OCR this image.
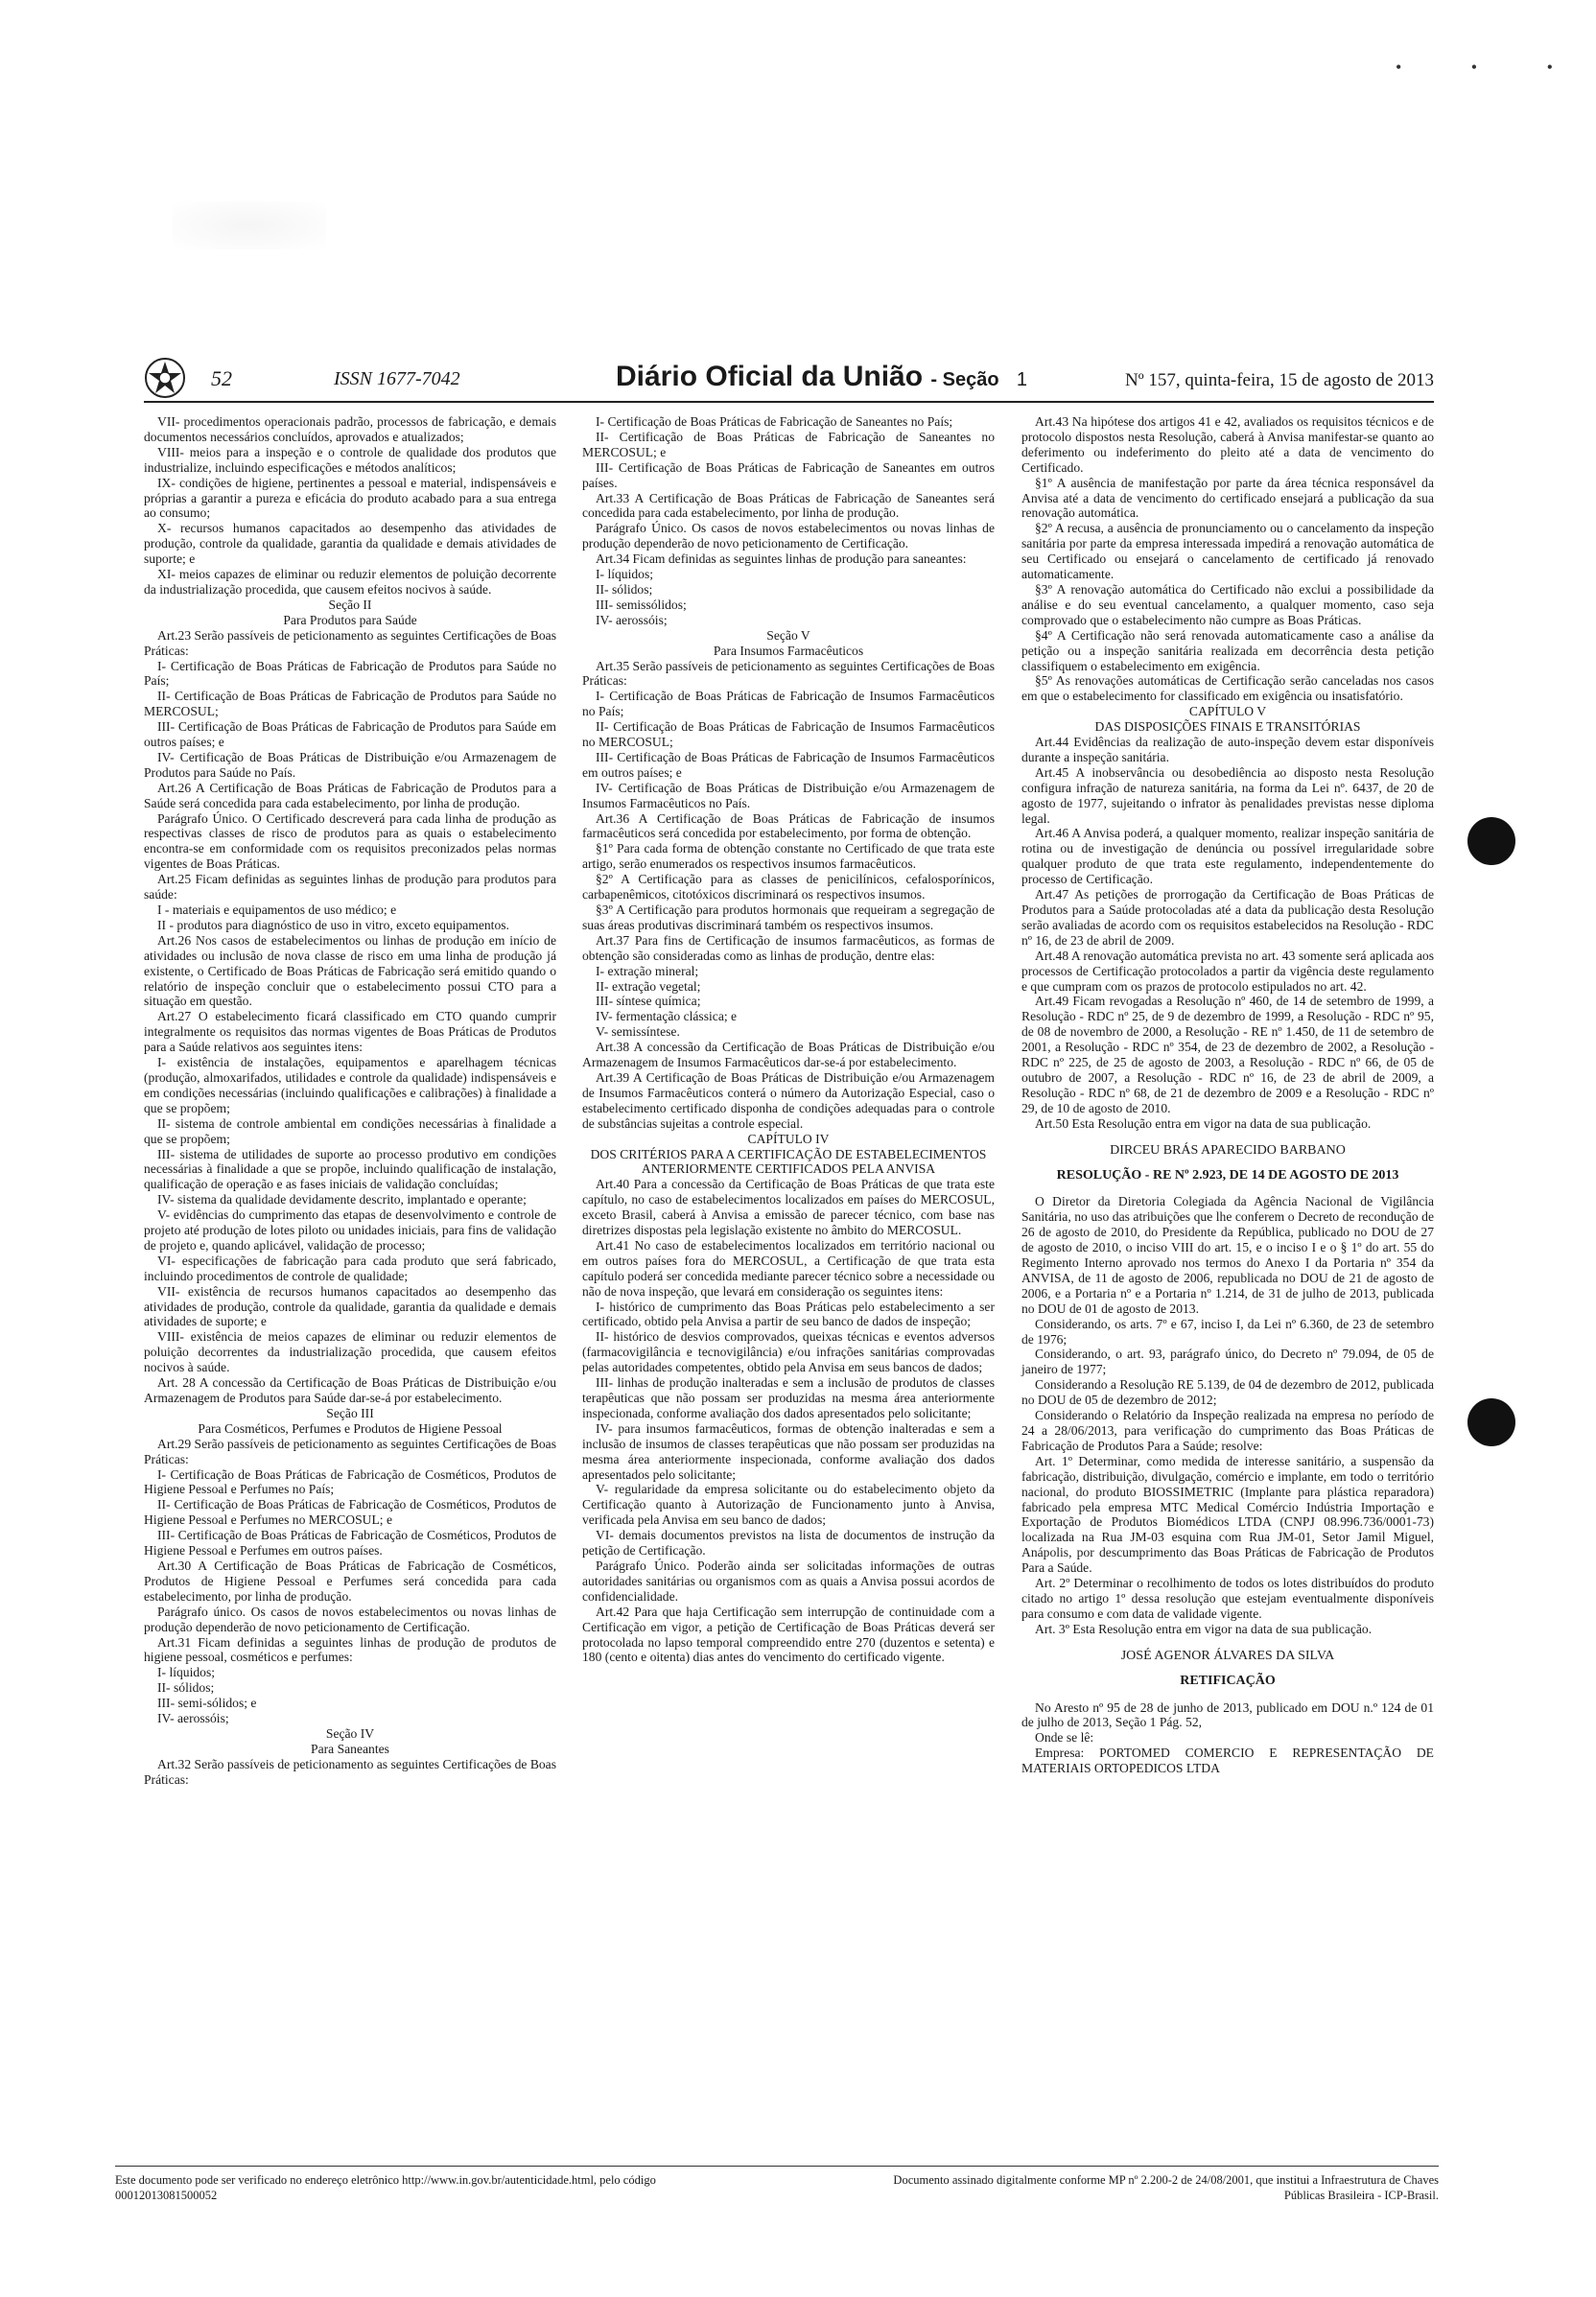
• • •
52	ISSN 1677-7042	Diário Oficial da União - Seção 1	Nº 157, quinta-feira, 15 de agosto de 2013

VII- procedimentos operacionais padrão, processos de fabricação, e demais documentos necessários concluídos, aprovados e atualizados;

VIII- meios para a inspeção e o controle de qualidade dos produtos que industrialize, incluindo especificações e métodos analíticos;

IX- condições de higiene, pertinentes a pessoal e material, indispensáveis e próprias a garantir a pureza e eficácia do produto acabado para a sua entrega ao consumo;

X- recursos humanos capacitados ao desempenho das atividades de produção, controle da qualidade, garantia da qualidade e demais atividades de suporte; e

XI- meios capazes de eliminar ou reduzir elementos de poluição decorrente da industrialização procedida, que causem efeitos nocivos à saúde.

Seção II

Para Produtos para Saúde

Art.23 Serão passíveis de peticionamento as seguintes Certificações de Boas Práticas:

I- Certificação de Boas Práticas de Fabricação de Produtos para Saúde no País;

II- Certificação de Boas Práticas de Fabricação de Produtos para Saúde no MERCOSUL;

III- Certificação de Boas Práticas de Fabricação de Produtos para Saúde em outros países; e

IV- Certificação de Boas Práticas de Distribuição e/ou Armazenagem de Produtos para Saúde no País.

Art.26 A Certificação de Boas Práticas de Fabricação de Produtos para a Saúde será concedida para cada estabelecimento, por linha de produção.

Parágrafo Único. O Certificado descreverá para cada linha de produção as respectivas classes de risco de produtos para as quais o estabelecimento encontra-se em conformidade com os requisitos preconizados pelas normas vigentes de Boas Práticas.

Art.25 Ficam definidas as seguintes linhas de produção para produtos para saúde:

I - materiais e equipamentos de uso médico; e

II - produtos para diagnóstico de uso in vitro, exceto equipamentos.

Art.26 Nos casos de estabelecimentos ou linhas de produção em início de atividades ou inclusão de nova classe de risco em uma linha de produção já existente, o Certificado de Boas Práticas de Fabricação será emitido quando o relatório de inspeção concluir que o estabelecimento possui CTO para a situação em questão.

Art.27 O estabelecimento ficará classificado em CTO quando cumprir integralmente os requisitos das normas vigentes de Boas Práticas de Produtos para a Saúde relativos aos seguintes itens:

I- existência de instalações, equipamentos e aparelhagem técnicas (produção, almoxarifados, utilidades e controle da qualidade) indispensáveis e em condições necessárias (incluindo qualificações e calibrações) à finalidade a que se propõem;

II- sistema de controle ambiental em condições necessárias à finalidade a que se propõem;

III- sistema de utilidades de suporte ao processo produtivo em condições necessárias à finalidade a que se propõe, incluindo qualificação de instalação, qualificação de operação e as fases iniciais de validação concluídas;

IV- sistema da qualidade devidamente descrito, implantado e operante;

V- evidências do cumprimento das etapas de desenvolvimento e controle de projeto até produção de lotes piloto ou unidades iniciais, para fins de validação de projeto e, quando aplicável, validação de processo;

VI- especificações de fabricação para cada produto que será fabricado, incluindo procedimentos de controle de qualidade;

VII- existência de recursos humanos capacitados ao desempenho das atividades de produção, controle da qualidade, garantia da qualidade e demais atividades de suporte; e

VIII- existência de meios capazes de eliminar ou reduzir elementos de poluição decorrentes da industrialização procedida, que causem efeitos nocivos à saúde.

Art. 28 A concessão da Certificação de Boas Práticas de Distribuição e/ou Armazenagem de Produtos para Saúde dar-se-á por estabelecimento.

Seção III

Para Cosméticos, Perfumes e Produtos de Higiene Pessoal

Art.29 Serão passíveis de peticionamento as seguintes Certificações de Boas Práticas:

I- Certificação de Boas Práticas de Fabricação de Cosméticos, Produtos de Higiene Pessoal e Perfumes no País;

II- Certificação de Boas Práticas de Fabricação de Cosméticos, Produtos de Higiene Pessoal e Perfumes no MERCOSUL; e

III- Certificação de Boas Práticas de Fabricação de Cosméticos, Produtos de Higiene Pessoal e Perfumes em outros países.

Art.30 A Certificação de Boas Práticas de Fabricação de Cosméticos, Produtos de Higiene Pessoal e Perfumes será concedida para cada estabelecimento, por linha de produção.

Parágrafo único. Os casos de novos estabelecimentos ou novas linhas de produção dependerão de novo peticionamento de Certificação.

Art.31 Ficam definidas a seguintes linhas de produção de produtos de higiene pessoal, cosméticos e perfumes:

I- líquidos;

II- sólidos;

III- semi-sólidos; e

IV- aerossóis;

Seção IV

Para Saneantes

Art.32 Serão passíveis de peticionamento as seguintes Certificações de Boas Práticas:

I- Certificação de Boas Práticas de Fabricação de Saneantes no País;

II- Certificação de Boas Práticas de Fabricação de Saneantes no MERCOSUL; e

III- Certificação de Boas Práticas de Fabricação de Saneantes em outros países.

Art.33 A Certificação de Boas Práticas de Fabricação de Saneantes será concedida para cada estabelecimento, por linha de produção.

Parágrafo Único. Os casos de novos estabelecimentos ou novas linhas de produção dependerão de novo peticionamento de Certificação.

Art.34 Ficam definidas as seguintes linhas de produção para saneantes:

I- líquidos;

II- sólidos;

III- semissólidos;

IV- aerossóis;

Seção V

Para Insumos Farmacêuticos

Art.35 Serão passíveis de peticionamento as seguintes Certificações de Boas Práticas:

I- Certificação de Boas Práticas de Fabricação de Insumos Farmacêuticos no País;

II- Certificação de Boas Práticas de Fabricação de Insumos Farmacêuticos no MERCOSUL;

III- Certificação de Boas Práticas de Fabricação de Insumos Farmacêuticos em outros países; e

IV- Certificação de Boas Práticas de Distribuição e/ou Armazenagem de Insumos Farmacêuticos no País.

Art.36 A Certificação de Boas Práticas de Fabricação de insumos farmacêuticos será concedida por estabelecimento, por forma de obtenção.

§1º Para cada forma de obtenção constante no Certificado de que trata este artigo, serão enumerados os respectivos insumos farmacêuticos.

§2º A Certificação para as classes de penicilínicos, cefalosporínicos, carbapenêmicos, citotóxicos discriminará os respectivos insumos.

§3º A Certificação para produtos hormonais que requeiram a segregação de suas áreas produtivas discriminará também os respectivos insumos.

Art.37 Para fins de Certificação de insumos farmacêuticos, as formas de obtenção são consideradas como as linhas de produção, dentre elas:

I- extração mineral;

II- extração vegetal;

III- síntese química;

IV- fermentação clássica; e

V- semissíntese.

Art.38 A concessão da Certificação de Boas Práticas de Distribuição e/ou Armazenagem de Insumos Farmacêuticos dar-se-á por estabelecimento.

Art.39 A Certificação de Boas Práticas de Distribuição e/ou Armazenagem de Insumos Farmacêuticos conterá o número da Autorização Especial, caso o estabelecimento certificado disponha de condições adequadas para o controle de substâncias sujeitas a controle especial.

CAPÍTULO IV

DOS CRITÉRIOS PARA A CERTIFICAÇÃO DE ESTABELECIMENTOS ANTERIORMENTE CERTIFICADOS PELA ANVISA

Art.40 Para a concessão da Certificação de Boas Práticas de que trata este capítulo, no caso de estabelecimentos localizados em países do MERCOSUL, exceto Brasil, caberá à Anvisa a emissão de parecer técnico, com base nas diretrizes dispostas pela legislação existente no âmbito do MERCOSUL.

Art.41 No caso de estabelecimentos localizados em território nacional ou em outros países fora do MERCOSUL, a Certificação de que trata esta capítulo poderá ser concedida mediante parecer técnico sobre a necessidade ou não de nova inspeção, que levará em consideração os seguintes itens:

I- histórico de cumprimento das Boas Práticas pelo estabelecimento a ser certificado, obtido pela Anvisa a partir de seu banco de dados de inspeção;

II- histórico de desvios comprovados, queixas técnicas e eventos adversos (farmacovigilância e tecnovigilância) e/ou infrações sanitárias comprovadas pelas autoridades competentes, obtido pela Anvisa em seus bancos de dados;

III- linhas de produção inalteradas e sem a inclusão de produtos de classes terapêuticas que não possam ser produzidas na mesma área anteriormente inspecionada, conforme avaliação dos dados apresentados pelo solicitante;

IV- para insumos farmacêuticos, formas de obtenção inalteradas e sem a inclusão de insumos de classes terapêuticas que não possam ser produzidas na mesma área anteriormente inspecionada, conforme avaliação dos dados apresentados pelo solicitante;

V- regularidade da empresa solicitante ou do estabelecimento objeto da Certificação quanto à Autorização de Funcionamento junto à Anvisa, verificada pela Anvisa em seu banco de dados;

VI- demais documentos previstos na lista de documentos de instrução da petição de Certificação.

Parágrafo Único. Poderão ainda ser solicitadas informações de outras autoridades sanitárias ou organismos com as quais a Anvisa possui acordos de confidencialidade.

Art.42 Para que haja Certificação sem interrupção de continuidade com a Certificação em vigor, a petição de Certificação de Boas Práticas deverá ser protocolada no lapso temporal compreendido entre 270 (duzentos e setenta) e 180 (cento e oitenta) dias antes do vencimento do certificado vigente.

Art.43 Na hipótese dos artigos 41 e 42, avaliados os requisitos técnicos e de protocolo dispostos nesta Resolução, caberá à Anvisa manifestar-se quanto ao deferimento ou indeferimento do pleito até a data de vencimento do Certificado.

§1º A ausência de manifestação por parte da área técnica responsável da Anvisa até a data de vencimento do certificado ensejará a publicação da sua renovação automática.

§2º A recusa, a ausência de pronunciamento ou o cancelamento da inspeção sanitária por parte da empresa interessada impedirá a renovação automática de seu Certificado ou ensejará o cancelamento de certificado já renovado automaticamente.

§3º A renovação automática do Certificado não exclui a possibilidade da análise e do seu eventual cancelamento, a qualquer momento, caso seja comprovado que o estabelecimento não cumpre as Boas Práticas.

§4º A Certificação não será renovada automaticamente caso a análise da petição ou a inspeção sanitária realizada em decorrência desta petição classifiquem o estabelecimento em exigência.

§5º As renovações automáticas de Certificação serão canceladas nos casos em que o estabelecimento for classificado em exigência ou insatisfatório.

CAPÍTULO V

DAS DISPOSIÇÕES FINAIS E TRANSITÓRIAS

Art.44 Evidências da realização de auto-inspeção devem estar disponíveis durante a inspeção sanitária.

Art.45 A inobservância ou desobediência ao disposto nesta Resolução configura infração de natureza sanitária, na forma da Lei nº. 6437, de 20 de agosto de 1977, sujeitando o infrator às penalidades previstas nesse diploma legal.

Art.46 A Anvisa poderá, a qualquer momento, realizar inspeção sanitária de rotina ou de investigação de denúncia ou possível irregularidade sobre qualquer produto de que trata este regulamento, independentemente do processo de Certificação.

Art.47 As petições de prorrogação da Certificação de Boas Práticas de Produtos para a Saúde protocoladas até a data da publicação desta Resolução serão avaliadas de acordo com os requisitos estabelecidos na Resolução - RDC nº 16, de 23 de abril de 2009.

Art.48 A renovação automática prevista no art. 43 somente será aplicada aos processos de Certificação protocolados a partir da vigência deste regulamento e que cumpram com os prazos de protocolo estipulados no art. 42.

Art.49 Ficam revogadas a Resolução nº 460, de 14 de setembro de 1999, a Resolução - RDC nº 25, de 9 de dezembro de 1999, a Resolução - RDC nº 95, de 08 de novembro de 2000, a Resolução - RE nº 1.450, de 11 de setembro de 2001, a Resolução - RDC nº 354, de 23 de dezembro de 2002, a Resolução - RDC nº 225, de 25 de agosto de 2003, a Resolução - RDC nº 66, de 05 de outubro de 2007, a Resolução - RDC nº 16, de 23 de abril de 2009, a Resolução - RDC nº 68, de 21 de dezembro de 2009 e a Resolução - RDC nº 29, de 10 de agosto de 2010.

Art.50 Esta Resolução entra em vigor na data de sua publicação.

DIRCEU BRÁS APARECIDO BARBANO

RESOLUÇÃO - RE Nº 2.923, DE 14 DE AGOSTO DE 2013

O Diretor da Diretoria Colegiada da Agência Nacional de Vigilância Sanitária, no uso das atribuições que lhe conferem o Decreto de recondução de 26 de agosto de 2010, do Presidente da República, publicado no DOU de 27 de agosto de 2010, o inciso VIII do art. 15, e o inciso I e o § 1º do art. 55 do Regimento Interno aprovado nos termos do Anexo I da Portaria nº 354 da ANVISA, de 11 de agosto de 2006, republicada no DOU de 21 de agosto de 2006, e a Portaria nº e a Portaria nº 1.214, de 31 de julho de 2013, publicada no DOU de 01 de agosto de 2013.

Considerando, os arts. 7º e 67, inciso I, da Lei nº 6.360, de 23 de setembro de 1976;

Considerando, o art. 93, parágrafo único, do Decreto nº 79.094, de 05 de janeiro de 1977;

Considerando a Resolução RE 5.139, de 04 de dezembro de 2012, publicada no DOU de 05 de dezembro de 2012;

Considerando o Relatório da Inspeção realizada na empresa no período de 24 a 28/06/2013, para verificação do cumprimento das Boas Práticas de Fabricação de Produtos Para a Saúde; resolve:

Art. 1º Determinar, como medida de interesse sanitário, a suspensão da fabricação, distribuição, divulgação, comércio e implante, em todo o território nacional, do produto BIOSSIMETRIC (Implante para plástica reparadora) fabricado pela empresa MTC Medical Comércio Indústria Importação e Exportação de Produtos Biomédicos LTDA (CNPJ 08.996.736/0001-73) localizada na Rua JM-03 esquina com Rua JM-01, Setor Jamil Miguel, Anápolis, por descumprimento das Boas Práticas de Fabricação de Produtos Para a Saúde.

Art. 2º Determinar o recolhimento de todos os lotes distribuídos do produto citado no artigo 1º dessa resolução que estejam eventualmente disponíveis para consumo e com data de validade vigente.

Art. 3º Esta Resolução entra em vigor na data de sua publicação.

JOSÉ AGENOR ÁLVARES DA SILVA

RETIFICAÇÃO

No Aresto nº 95 de 28 de junho de 2013, publicado em DOU n.º 124 de 01 de julho de 2013, Seção 1 Pág. 52,

Onde se lê:

Empresa: PORTOMED COMERCIO E REPRESENTAÇÃO DE MATERIAIS ORTOPEDICOS LTDA

Este documento pode ser verificado no endereço eletrônico http://www.in.gov.br/autenticidade.html, pelo código 00012013081500052
Documento assinado digitalmente conforme MP nº 2.200-2 de 24/08/2001, que institui a Infraestrutura de Chaves Públicas Brasileira - ICP-Brasil.
